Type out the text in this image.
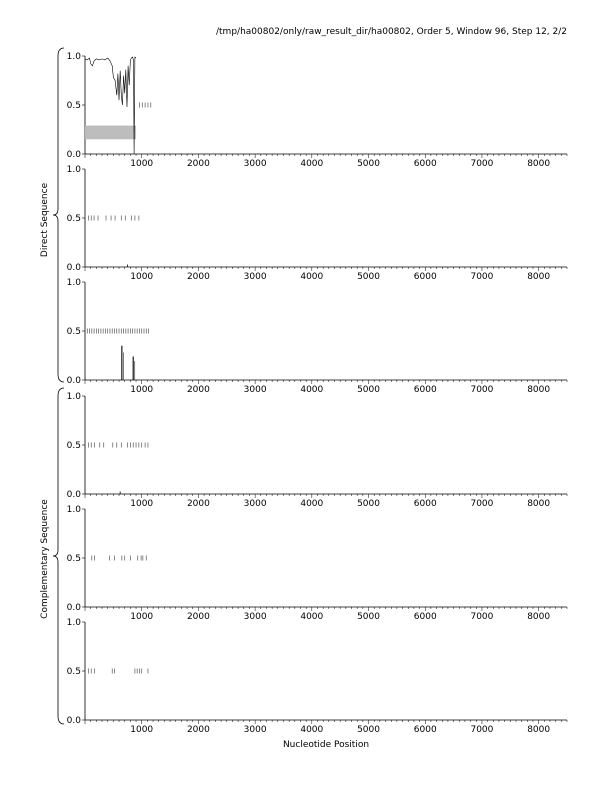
/tmp/ha00802/only/raw_result_dir/ha00802, Order 5, Window 96, Step 12, 2/2
1000	2000	3000	4000	5000	6000	7000	8000
0.0
0.5
1.0
1000	2000	3000	4000	5000	6000	7000	8000
0.0
0.5
1.0
1000	2000	3000	4000	5000	6000	7000	8000
0.0
0.5
1.0
1000	2000	3000	4000	5000	6000	7000	8000
0.0
0.5
1.0
1000	2000	3000	4000	5000	6000	7000	8000
0.0
0.5
1.0
1000	2000	3000	4000	5000	6000	7000	8000
0.0
0.5
1.0
Direct Sequence
Complementary Sequence
Nucleotide Position
